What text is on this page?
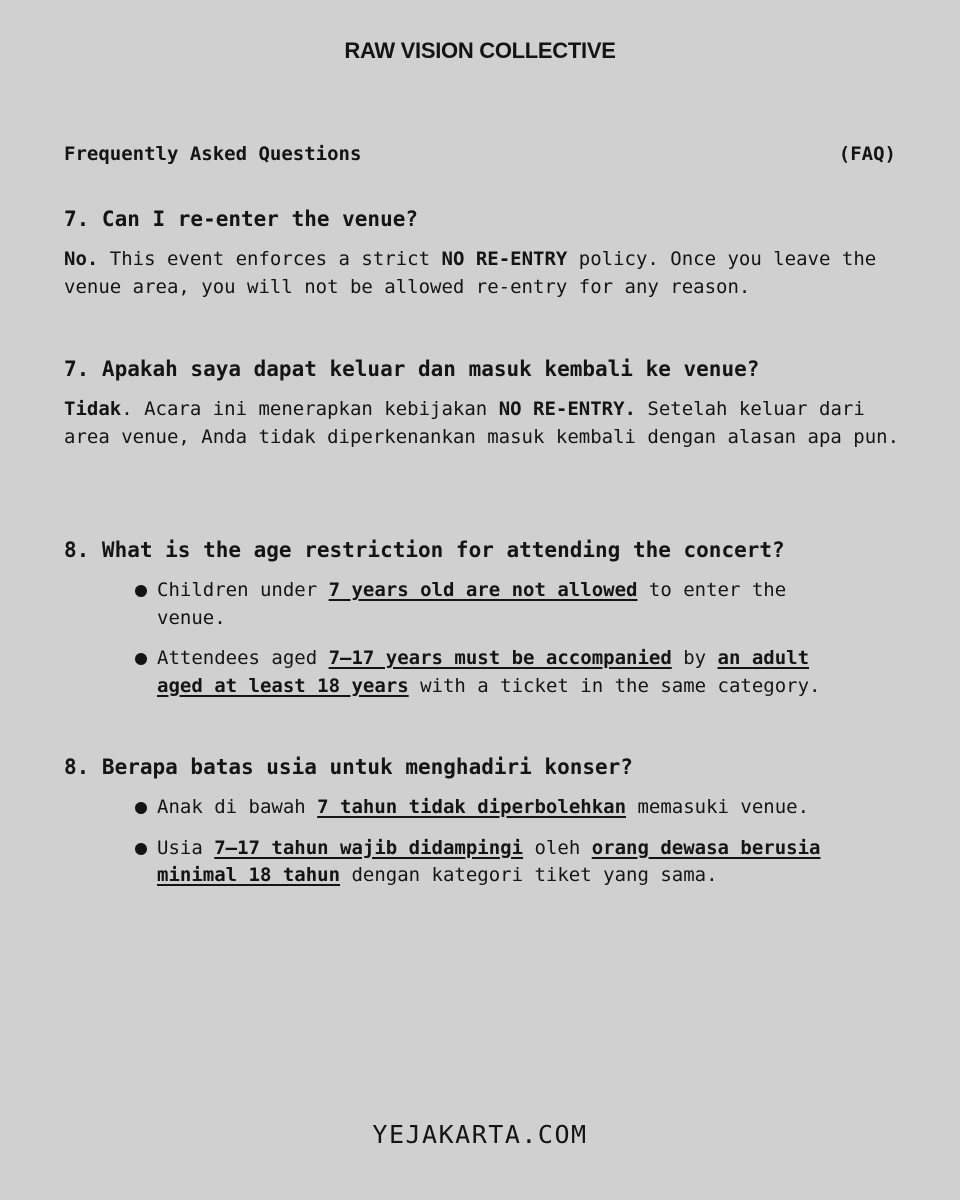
RAW VISION COLLECTIVE
Frequently Asked Questions	(FAQ)
7. Can I re-enter the venue?

No. This event enforces a strict NO RE-ENTRY policy. Once you leave the venue area, you will not be allowed re-entry for any reason.

7. Apakah saya dapat keluar dan masuk kembali ke venue?

Tidak. Acara ini menerapkan kebijakan NO RE-ENTRY. Setelah keluar dari area venue, Anda tidak diperkenankan masuk kembali dengan alasan apa pun.

8. What is the age restriction for attending the concert?
Children under 7 years old are not allowed to enter the venue.
Attendees aged 7–17 years must be accompanied by an adult aged at least 18 years with a ticket in the same category.
8. Berapa batas usia untuk menghadiri konser?
Anak di bawah 7 tahun tidak diperbolehkan memasuki venue.
Usia 7–17 tahun wajib didampingi oleh orang dewasa berusia minimal 18 tahun dengan kategori tiket yang sama.
YEJAKARTA.COM
